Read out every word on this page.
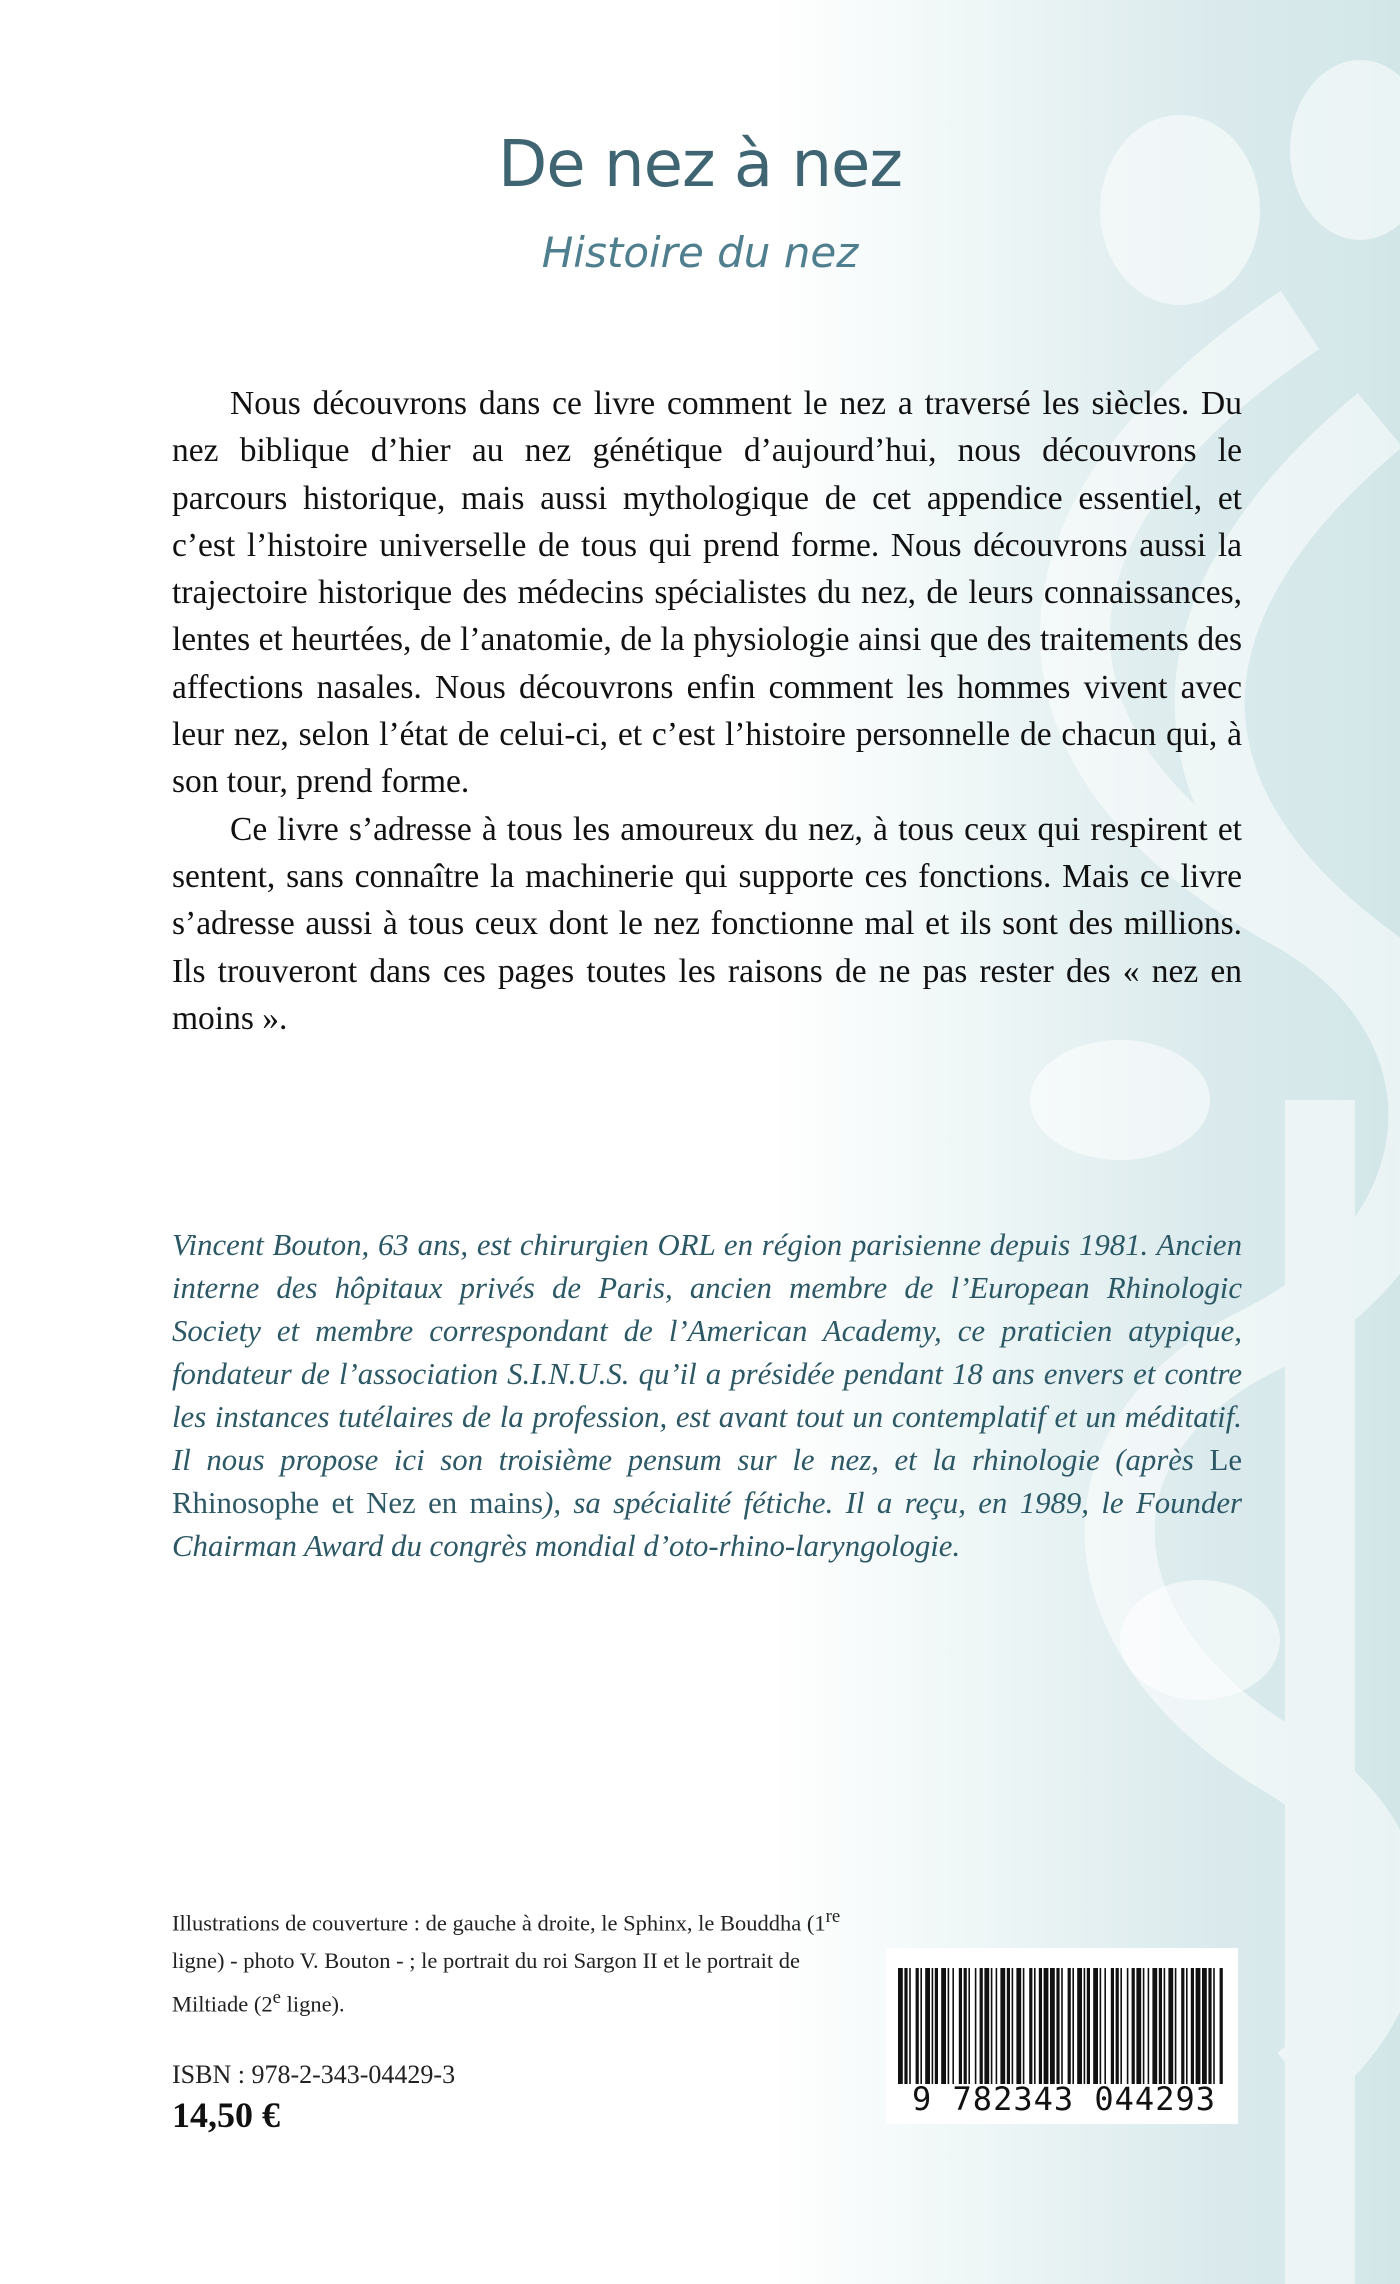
De nez à nez
Histoire du nez

Nous découvrons dans ce livre comment le nez a traversé les siècles. Du nez biblique d’hier au nez génétique d’aujourd’hui, nous découvrons le parcours historique, mais aussi mythologique de cet appendice essentiel, et c’est l’histoire universelle de tous qui prend forme. Nous découvrons aussi la trajectoire historique des médecins spécialistes du nez, de leurs connaissances, lentes et heurtées, de l’anatomie, de la physiologie ainsi que des traitements des affections nasales. Nous découvrons enfin comment les hommes vivent avec leur nez, selon l’état de celui-ci, et c’est l’histoire personnelle de chacun qui, à son tour, prend forme.

Ce livre s’adresse à tous les amoureux du nez, à tous ceux qui respirent et sentent, sans connaître la machinerie qui supporte ces fonctions. Mais ce livre s’adresse aussi à tous ceux dont le nez fonctionne mal et ils sont des millions. Ils trouveront dans ces pages toutes les raisons de ne pas rester des « nez en moins ».

Vincent Bouton, 63 ans, est chirurgien ORL en région parisienne depuis 1981. Ancien interne des hôpitaux privés de Paris, ancien membre de l’European Rhinologic Society et membre correspondant de l’American Academy, ce praticien atypique, fondateur de l’association S.I.N.U.S. qu’il a présidée pendant 18 ans envers et contre les instances tutélaires de la profession, est avant tout un contemplatif et un méditatif. Il nous propose ici son troisième pensum sur le nez, et la rhinologie (après Le Rhinosophe et Nez en mains), sa spécialité fétiche. Il a reçu, en 1989, le Founder Chairman Award du congrès mondial d’oto-rhino-laryngologie.
Illustrations de couverture : de gauche à droite, le Sphinx, le Bouddha (1re ligne) - photo V. Bouton - ; le portrait du roi Sargon II et le portrait de Miltiade (2e ligne).
ISBN : 978-2-343-04429-3
14,50 €	9 782343 044293
